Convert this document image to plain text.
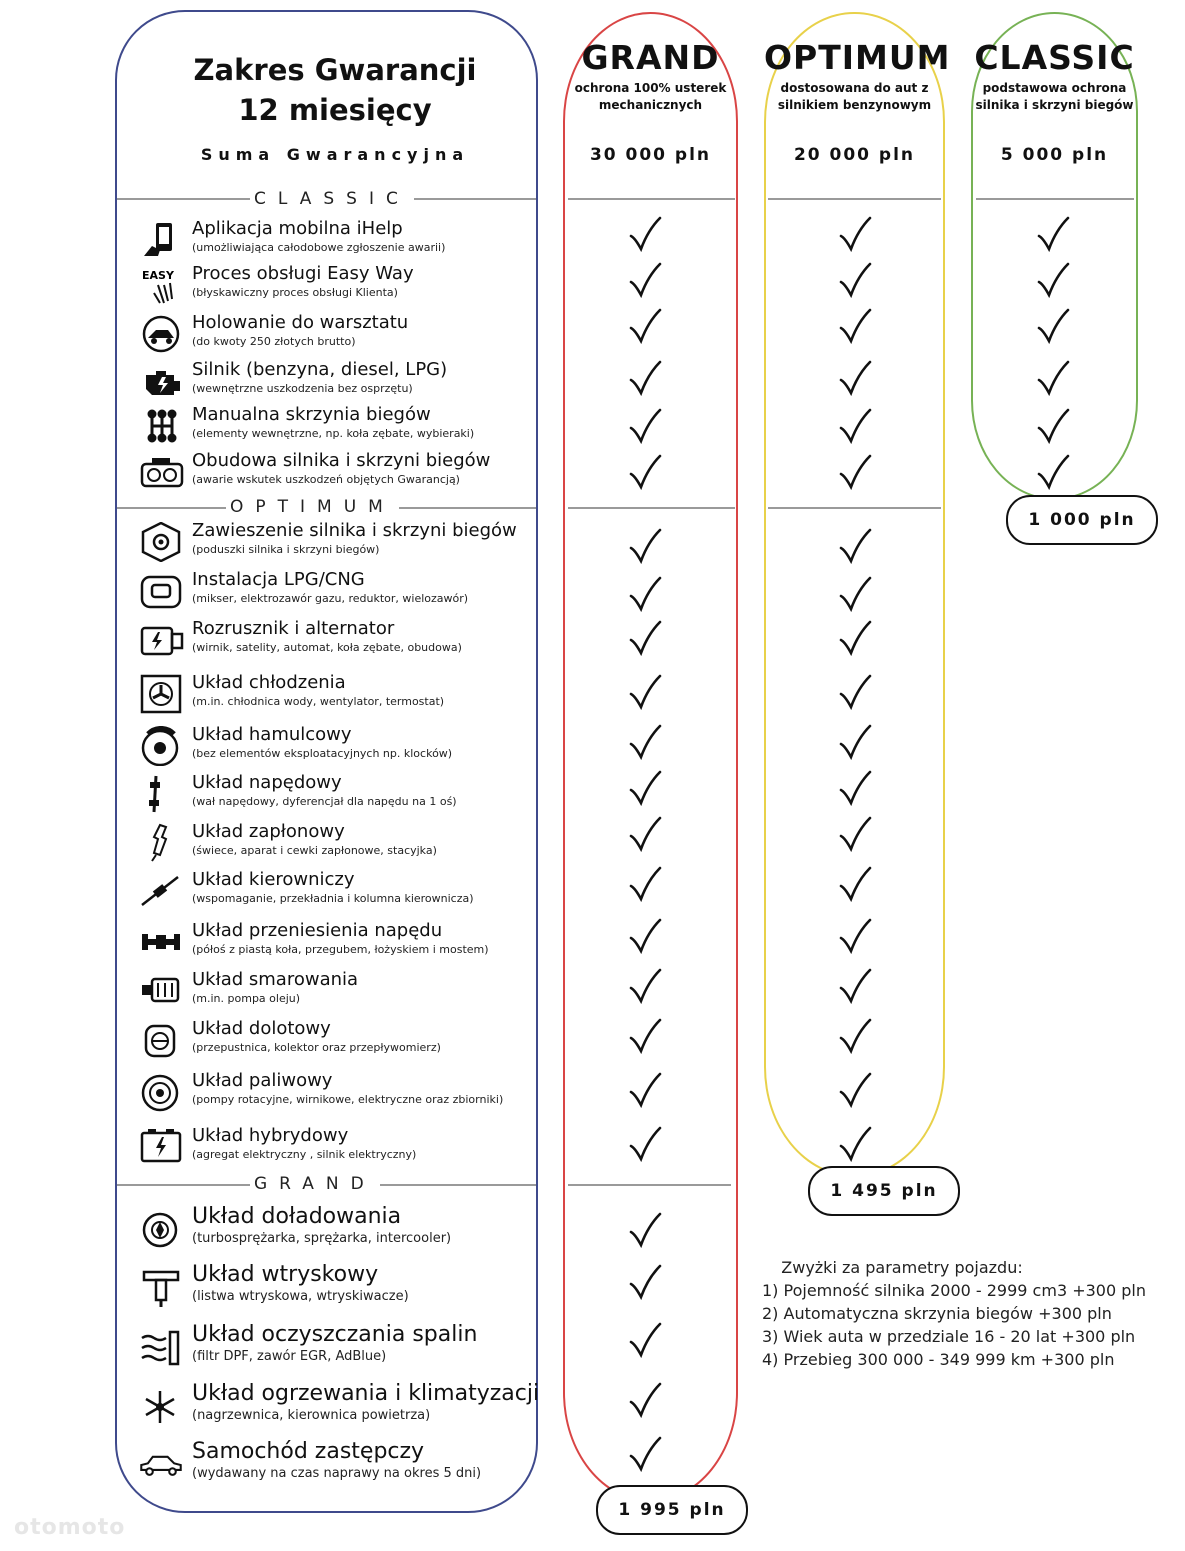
Zakres Gwarancji
12 miesięcy
Suma Gwarancyjna
GRAND
ochrona 100% usterek
mechanicznych
30 000 pln
OPTIMUM
dostosowana do aut z
silnikiem benzynowym
20 000 pln
CLASSIC
podstawowa ochrona
silnika i skrzyni biegów
5 000 pln
CLASSIC
OPTIMUM
GRAND
Aplikacja mobilna iHelp
(umożliwiająca całodobowe zgłoszenie awarii)
EASY Proces obsługi Easy Way
(błyskawiczny proces obsługi Klienta)
Holowanie do warsztatu
(do kwoty 250 złotych brutto)
Silnik (benzyna, diesel, LPG)
(wewnętrzne uszkodzenia bez osprzętu)
Manualna skrzynia biegów
(elementy wewnętrzne, np. koła zębate, wybieraki)
Obudowa silnika i skrzyni biegów
(awarie wskutek uszkodzeń objętych Gwarancją)
Zawieszenie silnika i skrzyni biegów
(poduszki silnika i skrzyni biegów)
Instalacja LPG/CNG
(mikser, elektrozawór gazu, reduktor, wielozawór)
Rozrusznik i alternator
(wirnik, satelity, automat, koła zębate, obudowa)
Układ chłodzenia
(m.in. chłodnica wody, wentylator, termostat)
Układ hamulcowy
(bez elementów eksploatacyjnych np. klocków)
Układ napędowy
(wał napędowy, dyferencjał dla napędu na 1 oś)
Układ zapłonowy
(świece, aparat i cewki zapłonowe, stacyjka)
Układ kierowniczy
(wspomaganie, przekładnia i kolumna kierownicza)
Układ przeniesienia napędu
(półoś z piastą koła, przegubem, łożyskiem i mostem)
Układ smarowania
(m.in. pompa oleju)
Układ dolotowy
(przepustnica, kolektor oraz przepływomierz)
Układ paliwowy
(pompy rotacyjne, wirnikowe, elektryczne oraz zbiorniki)
Układ hybrydowy
(agregat elektryczny , silnik elektryczny)
Układ doładowania
(turbosprężarka, sprężarka, intercooler)
Układ wtryskowy
(listwa wtryskowa, wtryskiwacze)
Układ oczyszczania spalin
(filtr DPF, zawór EGR, AdBlue)
Układ ogrzewania i klimatyzacji
(nagrzewnica, kierownica powietrza)
Samochód zastępczy
(wydawany na czas naprawy na okres 5 dni)
1 995 pln
1 495 pln
1 000 pln
Zwyżki za parametry pojazdu:
1) Pojemność silnika 2000 - 2999 cm3 +300 pln
2) Automatyczna skrzynia biegów +300 pln
3) Wiek auta w przedziale 16 - 20 lat +300 pln
4) Przebieg 300 000 - 349 999 km +300 pln
otomoto
